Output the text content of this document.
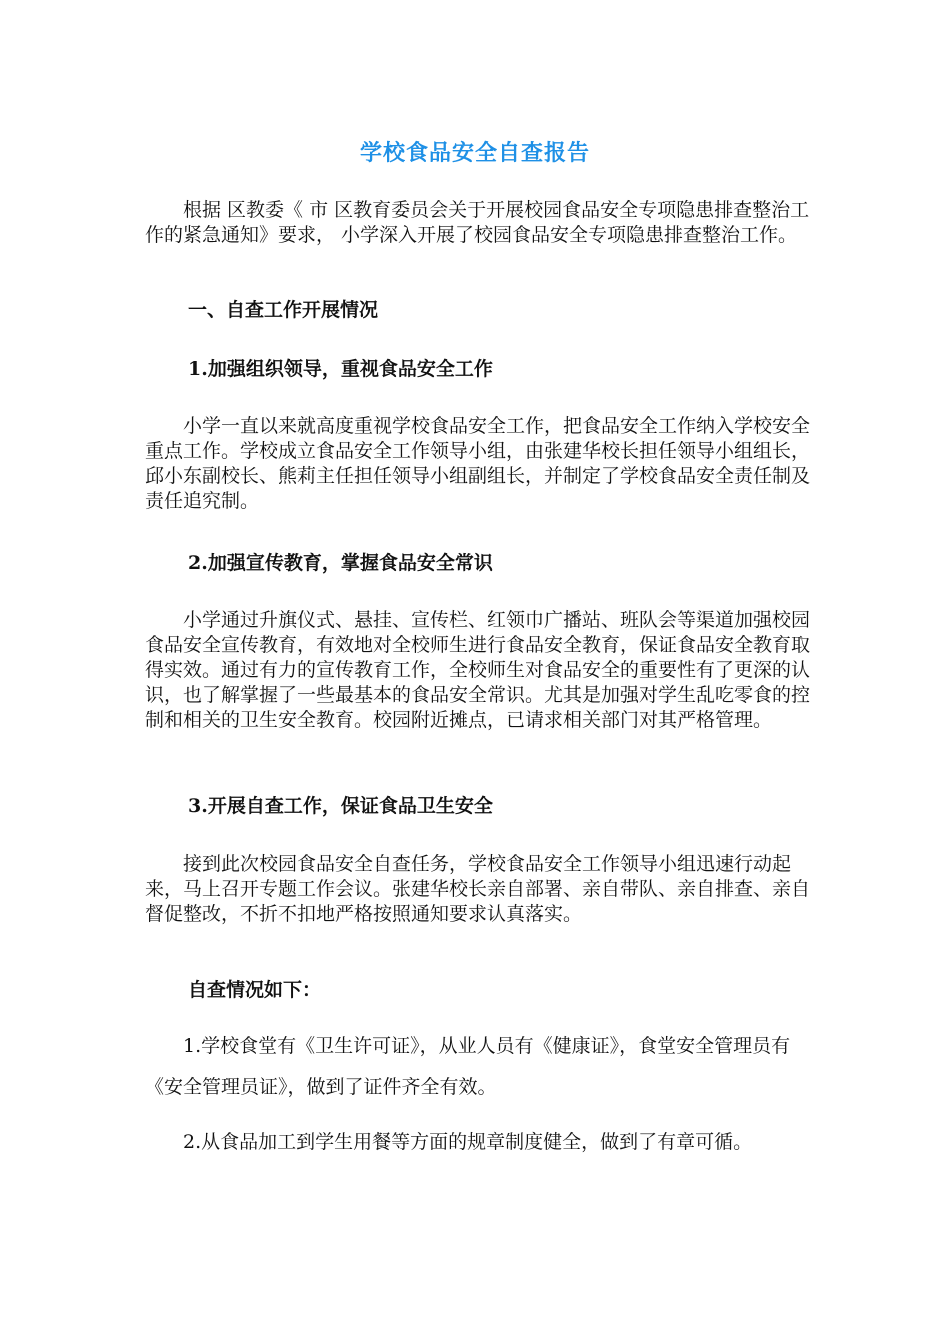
学校食品安全自查报告

根据 区教委《 市 区教育委员会关于开展校园食品安全专项隐患排查整治工作的紧急通知》要求， 小学深入开展了校园食品安全专项隐患排查整治工作。

一、自查工作开展情况

1.加强组织领导，重视食品安全工作

小学一直以来就高度重视学校食品安全工作，把食品安全工作纳入学校安全重点工作。学校成立食品安全工作领导小组，由张建华校长担任领导小组组长，邱小东副校长、熊莉主任担任领导小组副组长，并制定了学校食品安全责任制及责任追究制。

2.加强宣传教育，掌握食品安全常识

小学通过升旗仪式、悬挂、宣传栏、红领巾广播站、班队会等渠道加强校园食品安全宣传教育，有效地对全校师生进行食品安全教育，保证食品安全教育取得实效。通过有力的宣传教育工作，全校师生对食品安全的重要性有了更深的认识，也了解掌握了一些最基本的食品安全常识。尤其是加强对学生乱吃零食的控制和相关的卫生安全教育。校园附近摊点，已请求相关部门对其严格管理。

3.开展自查工作，保证食品卫生安全

接到此次校园食品安全自查任务，学校食品安全工作领导小组迅速行动起来，马上召开专题工作会议。张建华校长亲自部署、亲自带队、亲自排查、亲自督促整改，不折不扣地严格按照通知要求认真落实。

自查情况如下：

1.学校食堂有《卫生许可证》，从业人员有《健康证》，食堂安全管理员有《安全管理员证》，做到了证件齐全有效。

2.从食品加工到学生用餐等方面的规章制度健全，做到了有章可循。
